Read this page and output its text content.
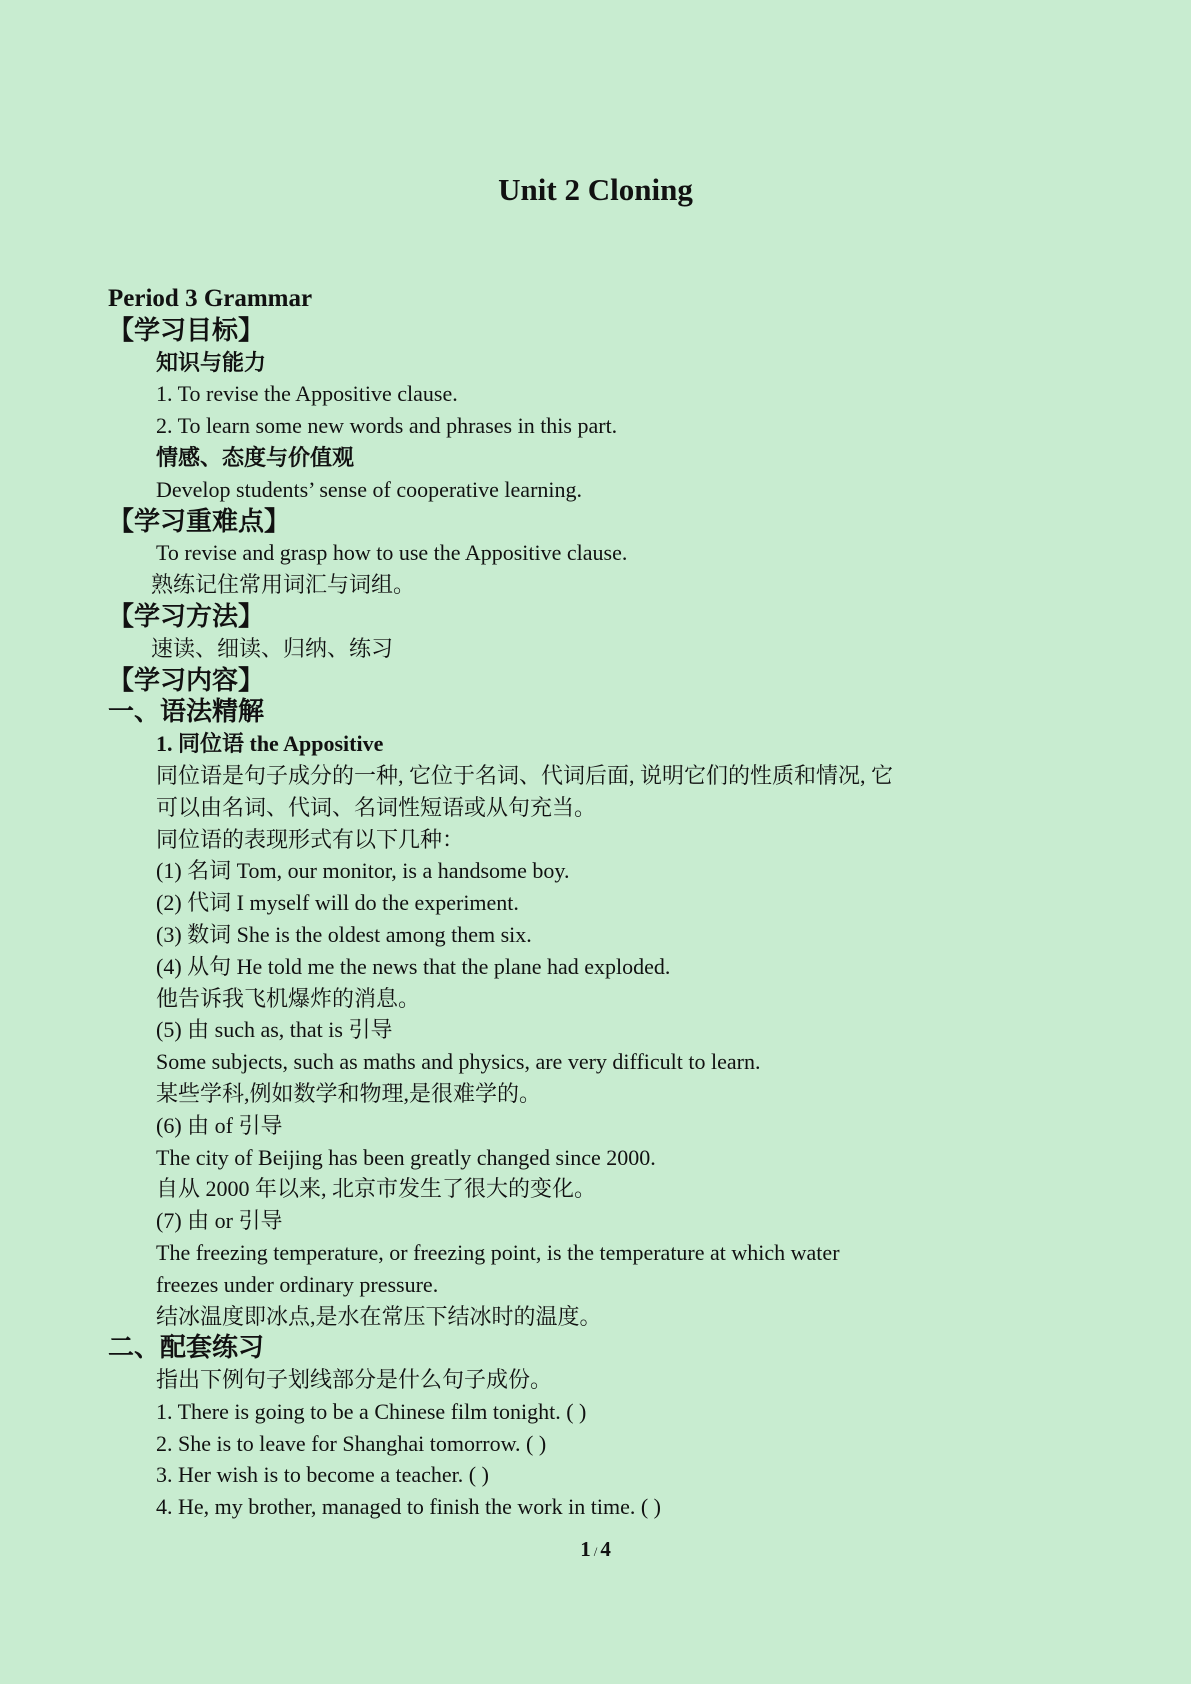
Unit 2 Cloning
Period 3 Grammar
【学习目标】
知识与能力
1. To revise the Appositive clause.
2. To learn some new words and phrases in this part.
情感、态度与价值观
Develop students’ sense of cooperative learning.
【学习重难点】
To revise and grasp how to use the Appositive clause.
熟练记住常用词汇与词组。
【学习方法】
速读、细读、归纳、练习
【学习内容】
一、语法精解
1. 同位语 the Appositive
同位语是句子成分的一种, 它位于名词、代词后面, 说明它们的性质和情况, 它
可以由名词、代词、名词性短语或从句充当。
同位语的表现形式有以下几种：
(1) 名词 Tom, our monitor, is a handsome boy.
(2) 代词 I myself will do the experiment.
(3) 数词 She is the oldest among them six.
(4) 从句 He told me the news that the plane had exploded.
他告诉我飞机爆炸的消息。
(5) 由 such as, that is 引导
Some subjects, such as maths and physics, are very difficult to learn.
某些学科,例如数学和物理,是很难学的。
(6) 由 of 引导
The city of Beijing has been greatly changed since 2000.
自从 2000 年以来, 北京市发生了很大的变化。
(7) 由 or 引导
The freezing temperature, or freezing point, is the temperature at which water
freezes under ordinary pressure.
结冰温度即冰点,是水在常压下结冰时的温度。
二、配套练习
指出下例句子划线部分是什么句子成份。
1. There is going to be a Chinese film tonight. ( )
2. She is to leave for Shanghai tomorrow. ( )
3. Her wish is to become a teacher. ( )
4. He, my brother, managed to finish the work in time. ( )
1 / 4
